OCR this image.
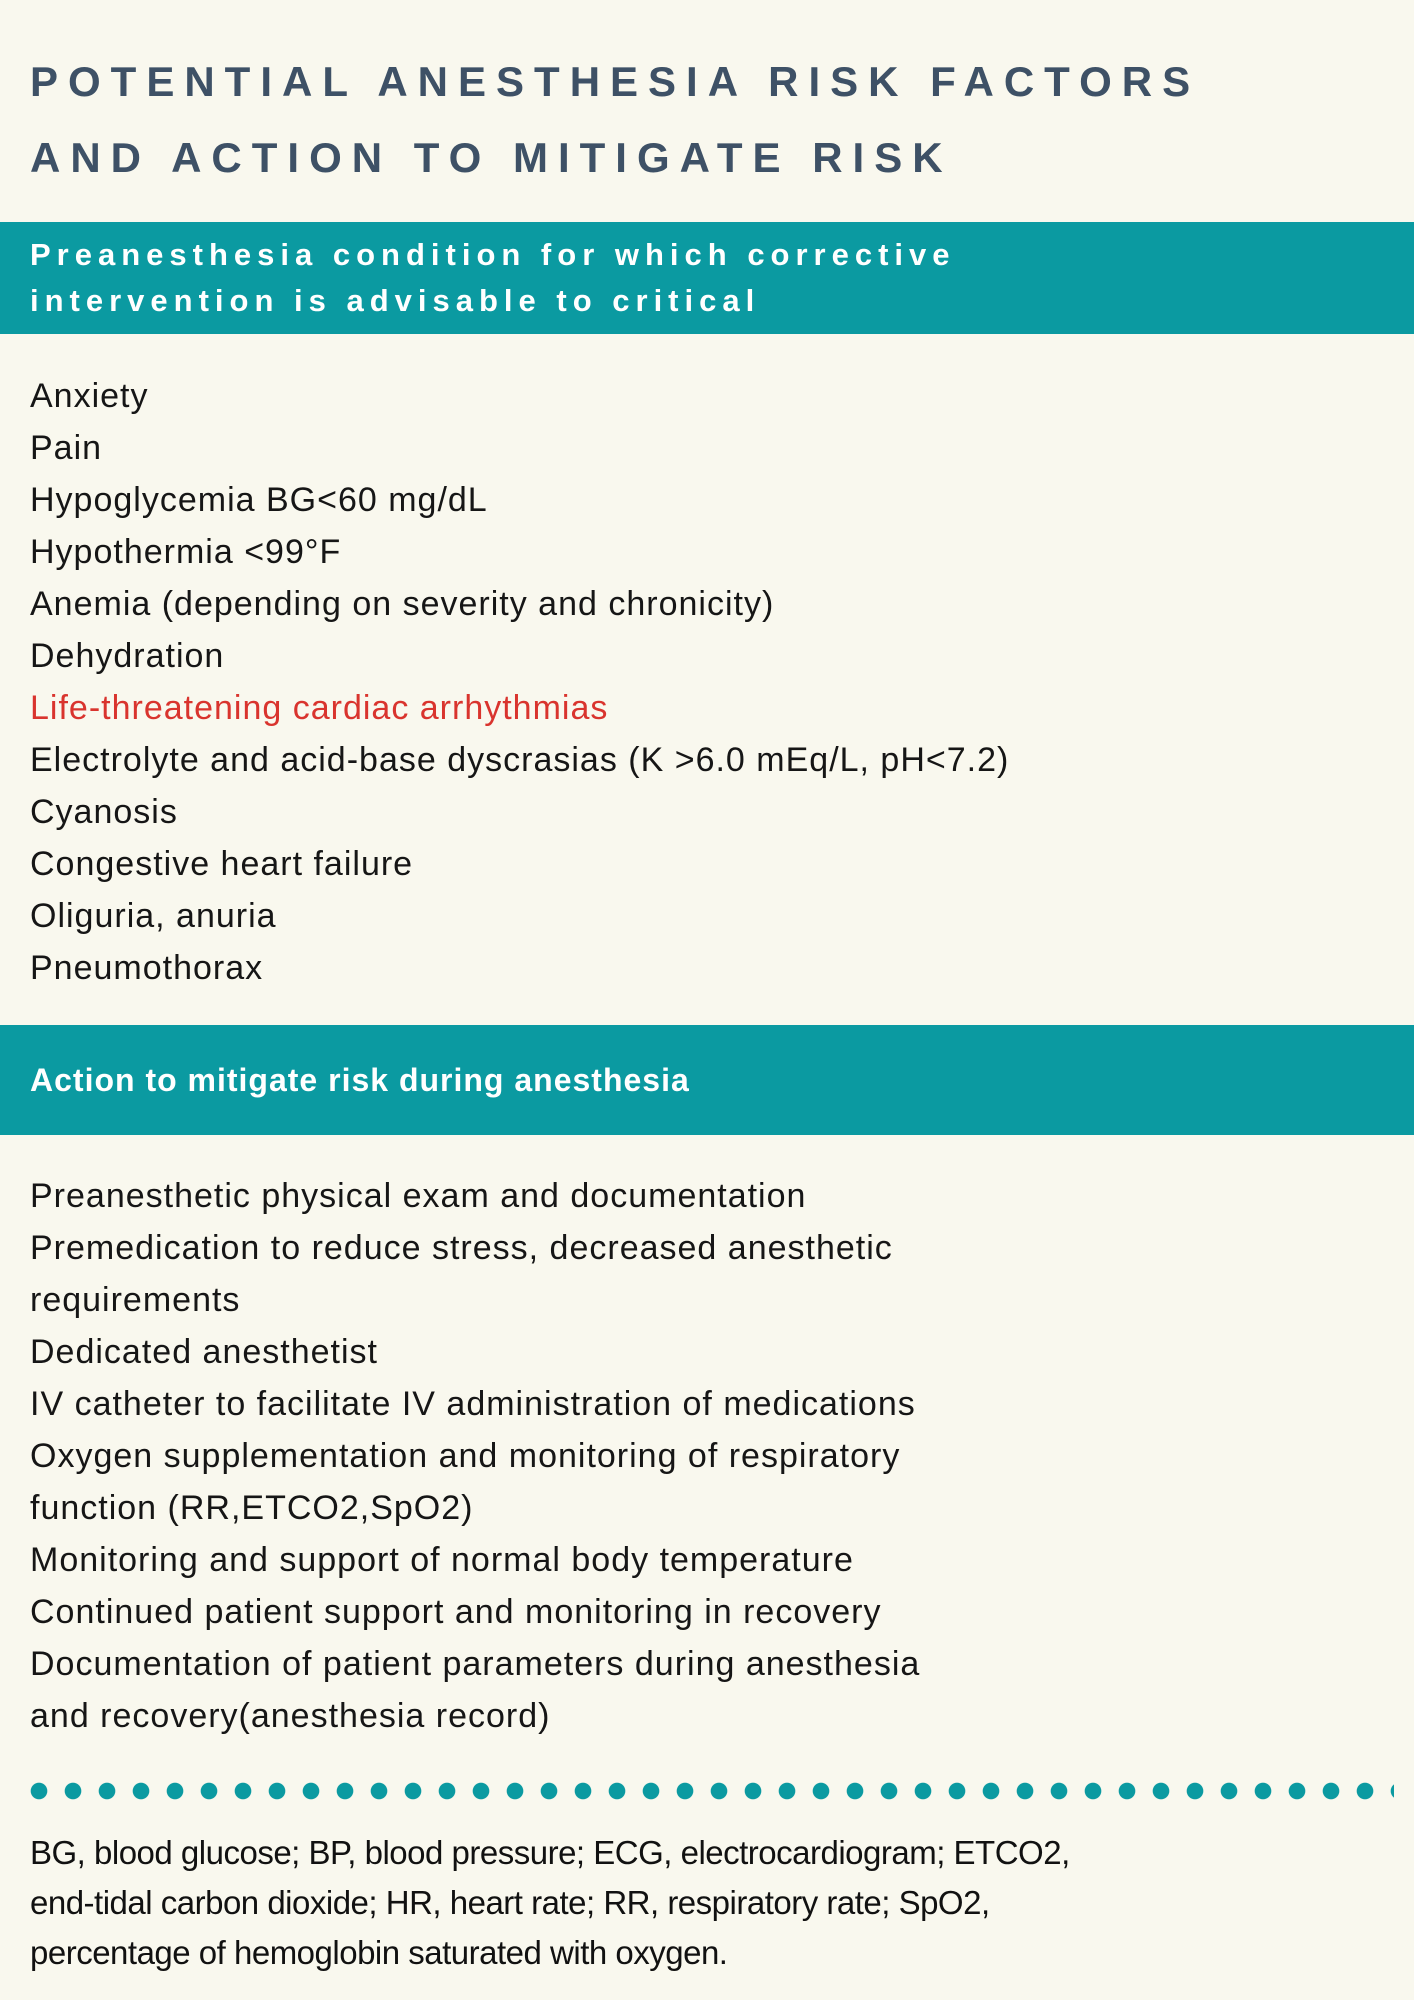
POTENTIAL ANESTHESIA RISK FACTORS
AND ACTION TO MITIGATE RISK
Preanesthesia condition for which corrective
intervention is advisable to critical
Anxiety
Pain
Hypoglycemia BG<60 mg/dL
Hypothermia <99°F
Anemia (depending on severity and chronicity)
Dehydration
Life-threatening cardiac arrhythmias
Electrolyte and acid-base dyscrasias (K >6.0 mEq/L, pH<7.2)
Cyanosis
Congestive heart failure
Oliguria, anuria
Pneumothorax
Action to mitigate risk during anesthesia
Preanesthetic physical exam and documentation
Premedication to reduce stress, decreased anesthetic
requirements
Dedicated anesthetist
IV catheter to facilitate IV administration of medications
Oxygen supplementation and monitoring of respiratory
function (RR,ETCO2,SpO2)
Monitoring and support of normal body temperature
Continued patient support and monitoring in recovery
Documentation of patient parameters during anesthesia
and recovery(anesthesia record)
BG, blood glucose; BP, blood pressure; ECG, electrocardiogram; ETCO2,
end-tidal carbon dioxide; HR, heart rate; RR, respiratory rate; SpO2,
percentage of hemoglobin saturated with oxygen.
